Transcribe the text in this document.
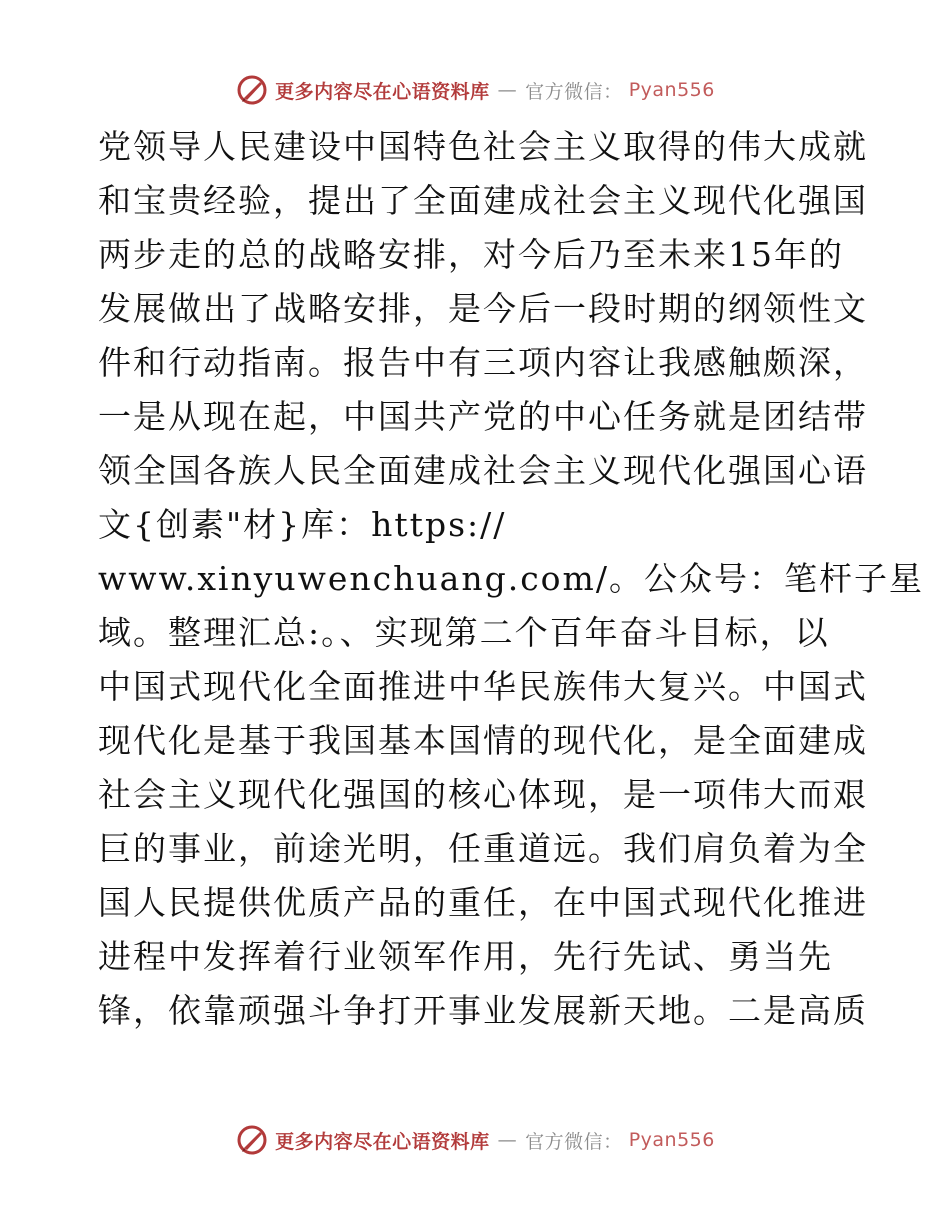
更多内容尽在心语资料库 — 官方微信： Pyan556
党领导人民建设中国特色社会主义取得的伟大成就
和宝贵经验，提出了全面建成社会主义现代化强国
两步走的总的战略安排，对今后乃至未来15年的
发展做出了战略安排，是今后一段时期的纲领性文
件和行动指南。报告中有三项内容让我感触颇深，
一是从现在起，中国共产党的中心任务就是团结带
领全国各族人民全面建成社会主义现代化强国心语
文{创素"材}库：https://
www.xinyuwenchuang.com/。公众号：笔杆子星
域。整理汇总:。、实现第二个百年奋斗目标，以
中国式现代化全面推进中华民族伟大复兴。中国式
现代化是基于我国基本国情的现代化，是全面建成
社会主义现代化强国的核心体现，是一项伟大而艰
巨的事业，前途光明，任重道远。我们肩负着为全
国人民提供优质产品的重任，在中国式现代化推进
进程中发挥着行业领军作用，先行先试、勇当先
锋，依靠顽强斗争打开事业发展新天地。二是高质
更多内容尽在心语资料库 — 官方微信： Pyan556
